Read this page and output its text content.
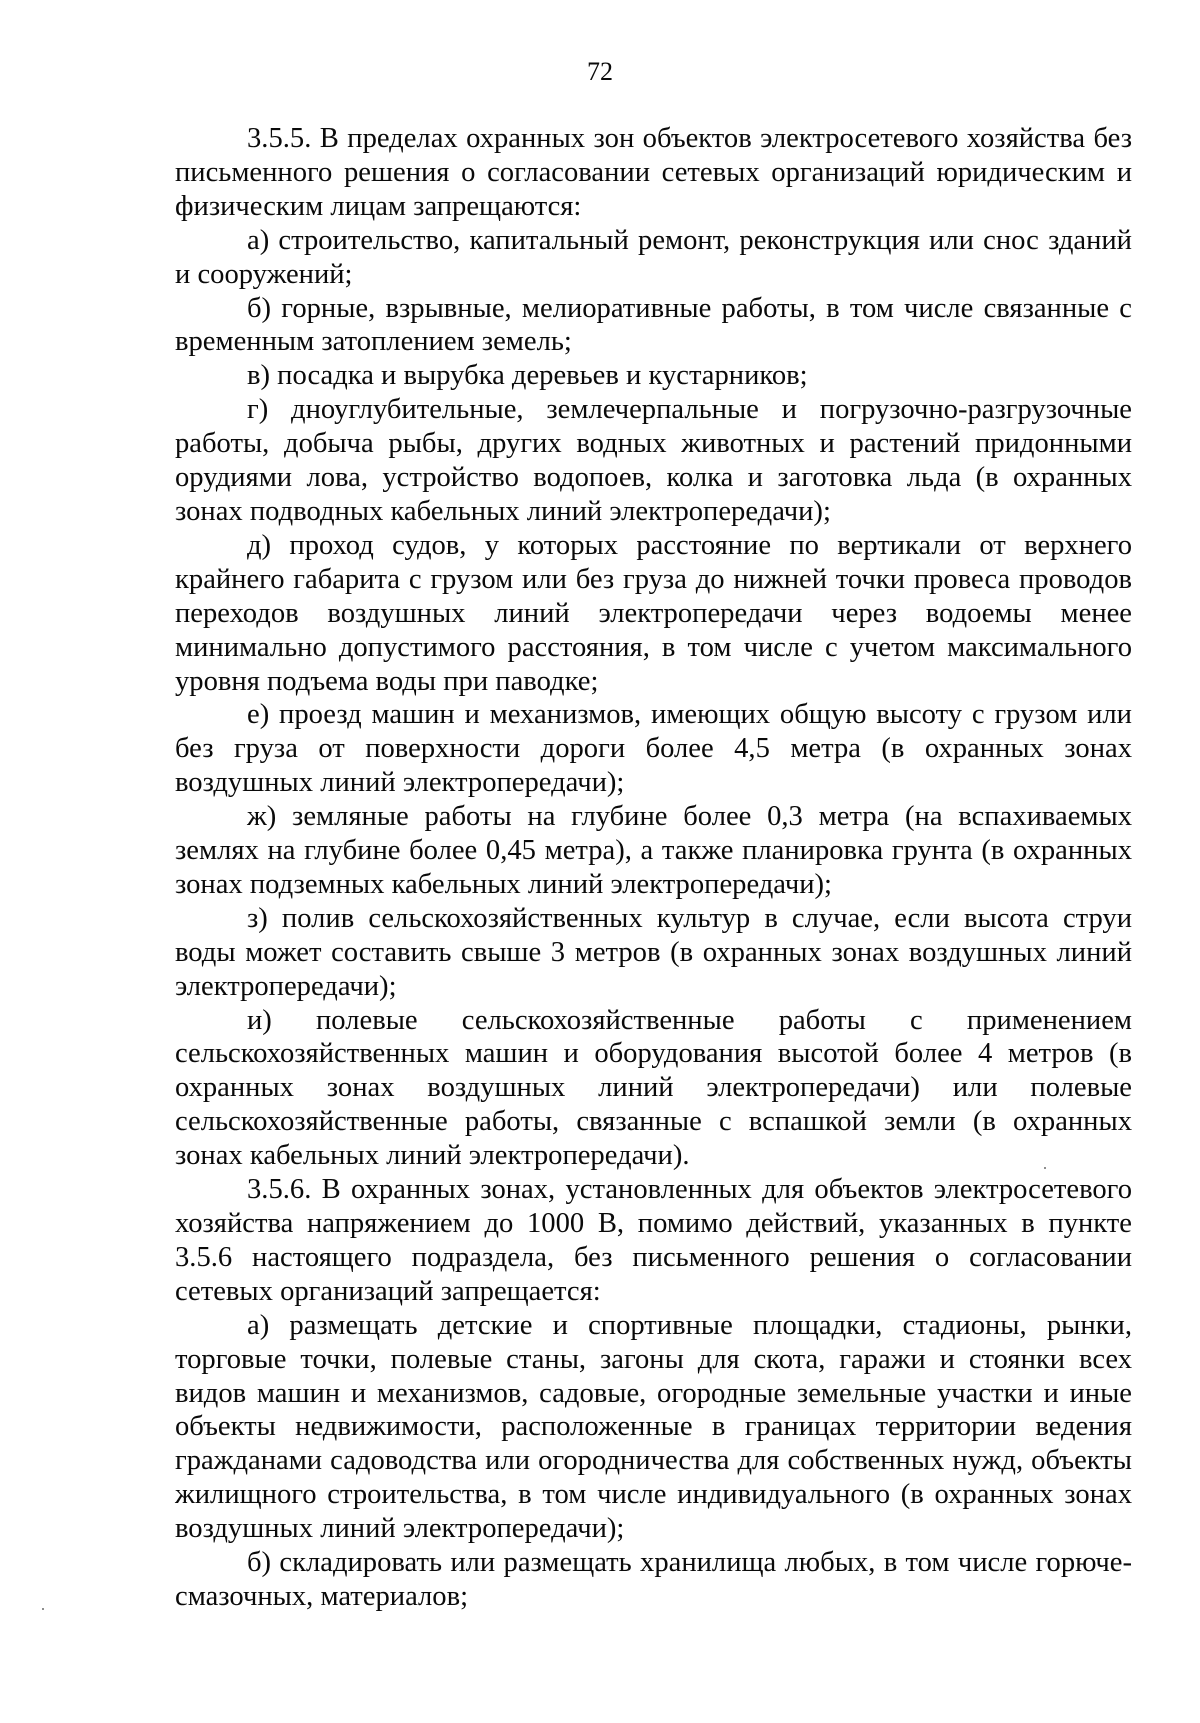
72

3.5.5. В пределах охранных зон объектов электросетевого хозяйства без письменного решения о согласовании сетевых организаций юридическим и физическим лицам запрещаются:

а) строительство, капитальный ремонт, реконструкция или снос зданий и сооружений;

б) горные, взрывные, мелиоративные работы, в том числе связанные с временным затоплением земель;

в) посадка и вырубка деревьев и кустарников;

г) дноуглубительные, землечерпальные и погрузочно-разгрузочные работы, добыча рыбы, других водных животных и растений придонными орудиями лова, устройство водопоев, колка и заготовка льда (в охранных зонах подводных кабельных линий электропередачи);

д) проход судов, у которых расстояние по вертикали от верхнего крайнего габарита с грузом или без груза до нижней точки провеса проводов переходов воздушных линий электропередачи через водоемы менее минимально допустимого расстояния, в том числе с учетом максимального уровня подъема воды при паводке;

е) проезд машин и механизмов, имеющих общую высоту с грузом или без груза от поверхности дороги более 4,5 метра (в охранных зонах воздушных линий электропередачи);

ж) земляные работы на глубине более 0,3 метра (на вспахиваемых землях на глубине более 0,45 метра), а также планировка грунта (в охранных зонах подземных кабельных линий электропередачи);

з) полив сельскохозяйственных культур в случае, если высота струи воды может составить свыше 3 метров (в охранных зонах воздушных линий электропередачи);

и) полевые сельскохозяйственные работы с применением сельскохозяйственных машин и оборудования высотой более 4 метров (в охранных зонах воздушных линий электропередачи) или полевые сельскохозяйственные работы, связанные с вспашкой земли (в охранных зонах кабельных линий электропередачи).

3.5.6. В охранных зонах, установленных для объектов электросетевого хозяйства напряжением до 1000 В, помимо действий, указанных в пункте 3.5.6 настоящего подраздела, без письменного решения о согласовании сетевых организаций запрещается:

а) размещать детские и спортивные площадки, стадионы, рынки, торговые точки, полевые станы, загоны для скота, гаражи и стоянки всех видов машин и механизмов, садовые, огородные земельные участки и иные объекты недвижимости, расположенные в границах территории ведения гражданами садоводства или огородничества для собственных нужд, объекты жилищного строительства, в том числе индивидуального (в охранных зонах воздушных линий электропередачи);

б) складировать или размещать хранилища любых, в том числе горюче-смазочных, материалов;
